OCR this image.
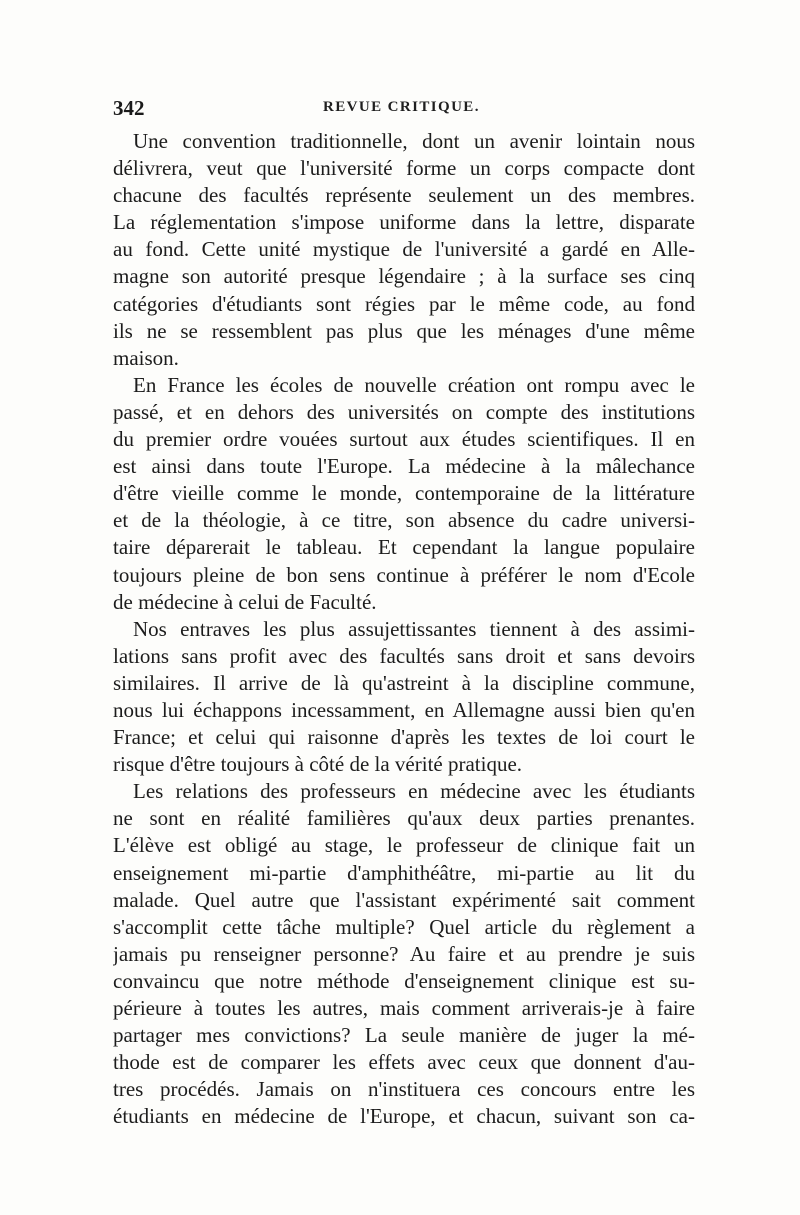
342	REVUE CRITIQUE.

Une convention traditionnelle, dont un avenir lointain nous
délivrera, veut que l'université forme un corps compacte dont
chacune des facultés représente seulement un des membres.
La réglementation s'impose uniforme dans la lettre, disparate
au fond. Cette unité mystique de l'université a gardé en Alle-
magne son autorité presque légendaire ; à la surface ses cinq
catégories d'étudiants sont régies par le même code, au fond
ils ne se ressemblent pas plus que les ménages d'une même
maison.

En France les écoles de nouvelle création ont rompu avec le
passé, et en dehors des universités on compte des institutions
du premier ordre vouées surtout aux études scientifiques. Il en
est ainsi dans toute l'Europe. La médecine à la mâlechance
d'être vieille comme le monde, contemporaine de la littérature
et de la théologie, à ce titre, son absence du cadre universi-
taire déparerait le tableau. Et cependant la langue populaire
toujours pleine de bon sens continue à préférer le nom d'Ecole
de médecine à celui de Faculté.

Nos entraves les plus assujettissantes tiennent à des assimi-
lations sans profit avec des facultés sans droit et sans devoirs
similaires. Il arrive de là qu'astreint à la discipline commune,
nous lui échappons incessamment, en Allemagne aussi bien qu'en
France; et celui qui raisonne d'après les textes de loi court le
risque d'être toujours à côté de la vérité pratique.

Les relations des professeurs en médecine avec les étudiants
ne sont en réalité familières qu'aux deux parties prenantes.
L'élève est obligé au stage, le professeur de clinique fait un
enseignement mi-partie d'amphithéâtre, mi-partie au lit du
malade. Quel autre que l'assistant expérimenté sait comment
s'accomplit cette tâche multiple? Quel article du règlement a
jamais pu renseigner personne? Au faire et au prendre je suis
convaincu que notre méthode d'enseignement clinique est su-
périeure à toutes les autres, mais comment arriverais-je à faire
partager mes convictions? La seule manière de juger la mé-
thode est de comparer les effets avec ceux que donnent d'au-
tres procédés. Jamais on n'instituera ces concours entre les
étudiants en médecine de l'Europe, et chacun, suivant son ca-
